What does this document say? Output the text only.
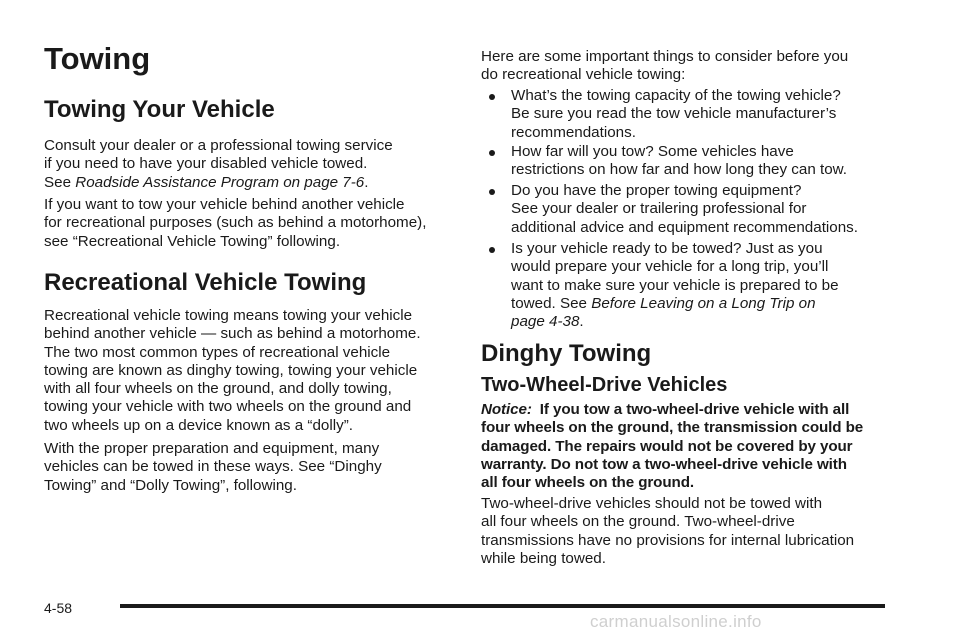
Towing
Towing Your Vehicle

Consult your dealer or a professional towing service
if you need to have your disabled vehicle towed.
See Roadside Assistance Program on page 7-6.

If you want to tow your vehicle behind another vehicle
for recreational purposes (such as behind a motorhome),
see “Recreational Vehicle Towing” following.

Recreational Vehicle Towing

Recreational vehicle towing means towing your vehicle
behind another vehicle — such as behind a motorhome.
The two most common types of recreational vehicle
towing are known as dinghy towing, towing your vehicle
with all four wheels on the ground, and dolly towing,
towing your vehicle with two wheels on the ground and
two wheels up on a device known as a “dolly”.

With the proper preparation and equipment, many
vehicles can be towed in these ways. See “Dinghy
Towing” and “Dolly Towing”, following.

Here are some important things to consider before you
do recreational vehicle towing:

What’s the towing capacity of the towing vehicle?
Be sure you read the tow vehicle manufacturer’s
recommendations.

How far will you tow? Some vehicles have
restrictions on how far and how long they can tow.

Do you have the proper towing equipment?
See your dealer or trailering professional for
additional advice and equipment recommendations.

Is your vehicle ready to be towed? Just as you
would prepare your vehicle for a long trip, you’ll
want to make sure your vehicle is prepared to be
towed. See Before Leaving on a Long Trip on
page 4-38.

Dinghy Towing
Two-Wheel-Drive Vehicles

Notice: If you tow a two-wheel-drive vehicle with all
four wheels on the ground, the transmission could be
damaged. The repairs would not be covered by your
warranty. Do not tow a two-wheel-drive vehicle with
all four wheels on the ground.

Two-wheel-drive vehicles should not be towed with
all four wheels on the ground. Two-wheel-drive
transmissions have no provisions for internal lubrication
while being towed.

4-58

carmanualsonline.info
